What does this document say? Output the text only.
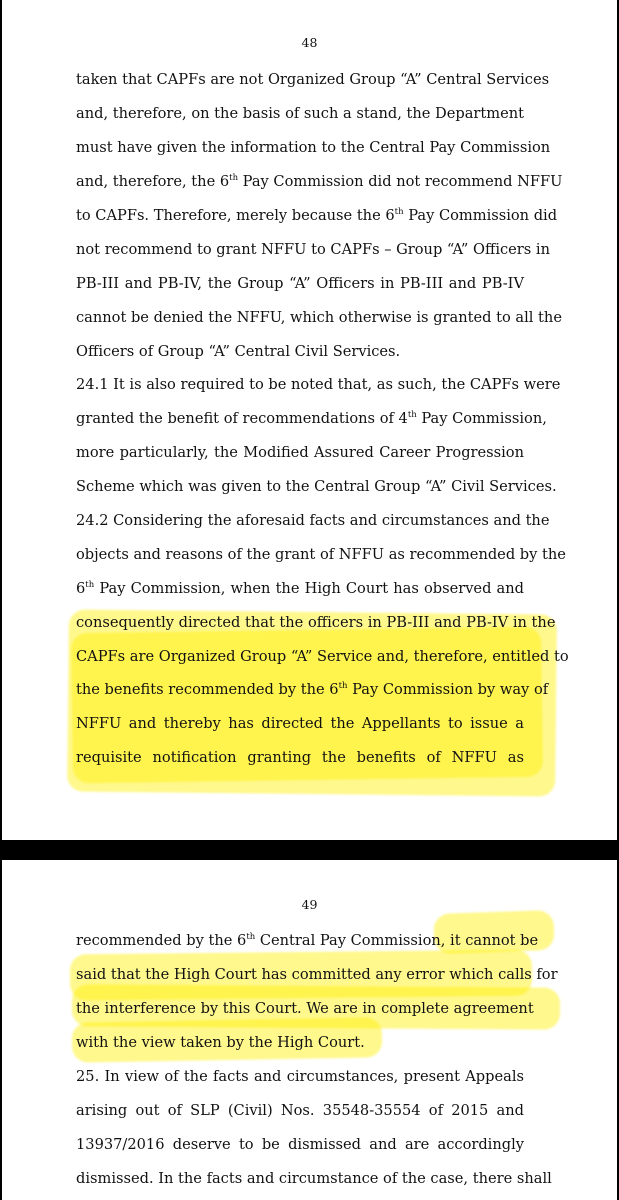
48
taken that CAPFs are not Organized Group “A” Central Services
and, therefore, on the basis of such a stand, the Department
must have given the information to the Central Pay Commission
and, therefore, the 6th Pay Commission did not recommend NFFU
to CAPFs. Therefore, merely because the 6th Pay Commission did
not recommend to grant NFFU to CAPFs – Group “A” Officers in
PB-III and PB-IV, the Group “A” Officers in PB-III and PB-IV
cannot be denied the NFFU, which otherwise is granted to all the
Officers of Group “A” Central Civil Services.
24.1 It is also required to be noted that, as such, the CAPFs were
granted the benefit of recommendations of 4th Pay Commission,
more particularly, the Modified Assured Career Progression
Scheme which was given to the Central Group “A” Civil Services.
24.2 Considering the aforesaid facts and circumstances and the
objects and reasons of the grant of NFFU as recommended by the
6th Pay Commission, when the High Court has observed and
consequently directed that the officers in PB-III and PB-IV in the
CAPFs are Organized Group “A” Service and, therefore, entitled to
the benefits recommended by the 6th Pay Commission by way of
NFFU and thereby has directed the Appellants to issue a
requisite notification granting the benefits of NFFU as
49
recommended by the 6th Central Pay Commission, it cannot be
said that the High Court has committed any error which calls for
the interference by this Court. We are in complete agreement
with the view taken by the High Court.
25. In view of the facts and circumstances, present Appeals
arising out of SLP (Civil) Nos. 35548-35554 of 2015 and
13937/2016 deserve to be dismissed and are accordingly
dismissed. In the facts and circumstance of the case, there shall
